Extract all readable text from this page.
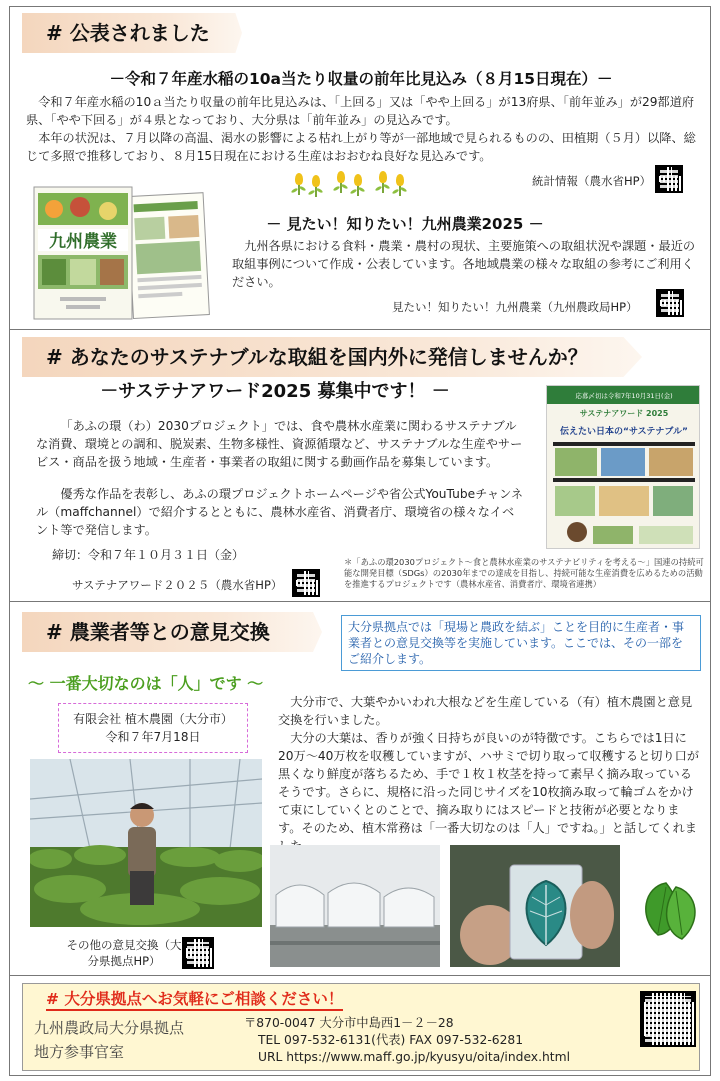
# 公表されました
－令和７年産水稲の10a当たり収量の前年比見込み（８月15日現在）－
令和７年産水稲の10ａ当たり収量の前年比見込みは、「上回る」又は「やや上回る」が13府県、「前年並み」が29都道府県、「やや下回る」が４県となっており、大分県は「前年並み」の見込みです。
本年の状況は、７月以降の高温、渇水の影響による枯れ上がり等が一部地域で見られるものの、田植期（５月）以降、総じて多照で推移しており、８月15日現在における生産はおおむね良好な見込みです。
統計情報（農水省HP）
九州農業
－ 見たい！知りたい！九州農業2025 －
九州各県における食料・農業・農村の現状、主要施策への取組状況や課題・最近の取組事例について作成・公表しています。各地域農業の様々な取組の参考にご利用ください。
見たい！知りたい！九州農業（九州農政局HP）
# あなたのサステナブルな取組を国内外に発信しませんか？
－サステナアワード2025 募集中です！ －
「あふの環（わ）2030プロジェクト」では、食や農林水産業に関わるサステナブルな消費、環境との調和、脱炭素、生物多様性、資源循環など、サステナブルな生産やサービス・商品を扱う地域・生産者・事業者の取組に関する動画作品を募集しています。
優秀な作品を表彰し、あふの環プロジェクトホームページや省公式YouTubeチャンネル（maffchannel）で紹介するとともに、農林水産省、消費者庁、環境省の様々なイベント等で発信します。
応募〆切は令和7年10月31日(金)
サステナアワード 2025
伝えたい日本の“サステナブル”
締切：令和７年１０月３１日（金）
サステナアワード２０２５（農水省HP）
＊「あふの環2030プロジェクト～食と農林水産業のサステナビリティを考える～」国連の持続可能な開発目標（SDGs）の2030年までの達成を目指し、持続可能な生産消費を広めるための活動を推進するプロジェクトです（農林水産省、消費者庁、環境省連携）
# 農業者等との意見交換	大分県拠点では「現場と農政を結ぶ」ことを目的に生産者・事業者との意見交換等を実施しています。ここでは、その一部をご紹介します。
～ 一番大切なのは「人」です ～
有限会社 植木農園（大分市）
令和７年7月18日
大分市で、大葉やかいわれ大根などを生産している（有）植木農園と意見交換を行いました。
大分の大葉は、香りが強く日持ちが良いのが特徴です。こちらでは1日に20万～40万枚を収穫していますが、ハサミで切り取って収穫すると切り口が黒くなり鮮度が落ちるため、手で１枚１枚茎を持って素早く摘み取っているそうです。さらに、規格に沿った同じサイズを10枚摘み取って輪ゴムをかけて束にしていくとのことで、摘み取りにはスピードと技術が必要となります。そのため、植木常務は「一番大切なのは「人」ですね。」と話してくれま
その他の意見交換（大分県拠点HP）
# 大分県拠点へお気軽にご相談ください！
九州農政局大分県拠点
地方参事官室
〒870-0047 大分市中島西1－２－28
TEL 097-532-6131(代表) FAX 097-532-6281
URL https://www.maff.go.jp/kyusyu/oita/index.html
